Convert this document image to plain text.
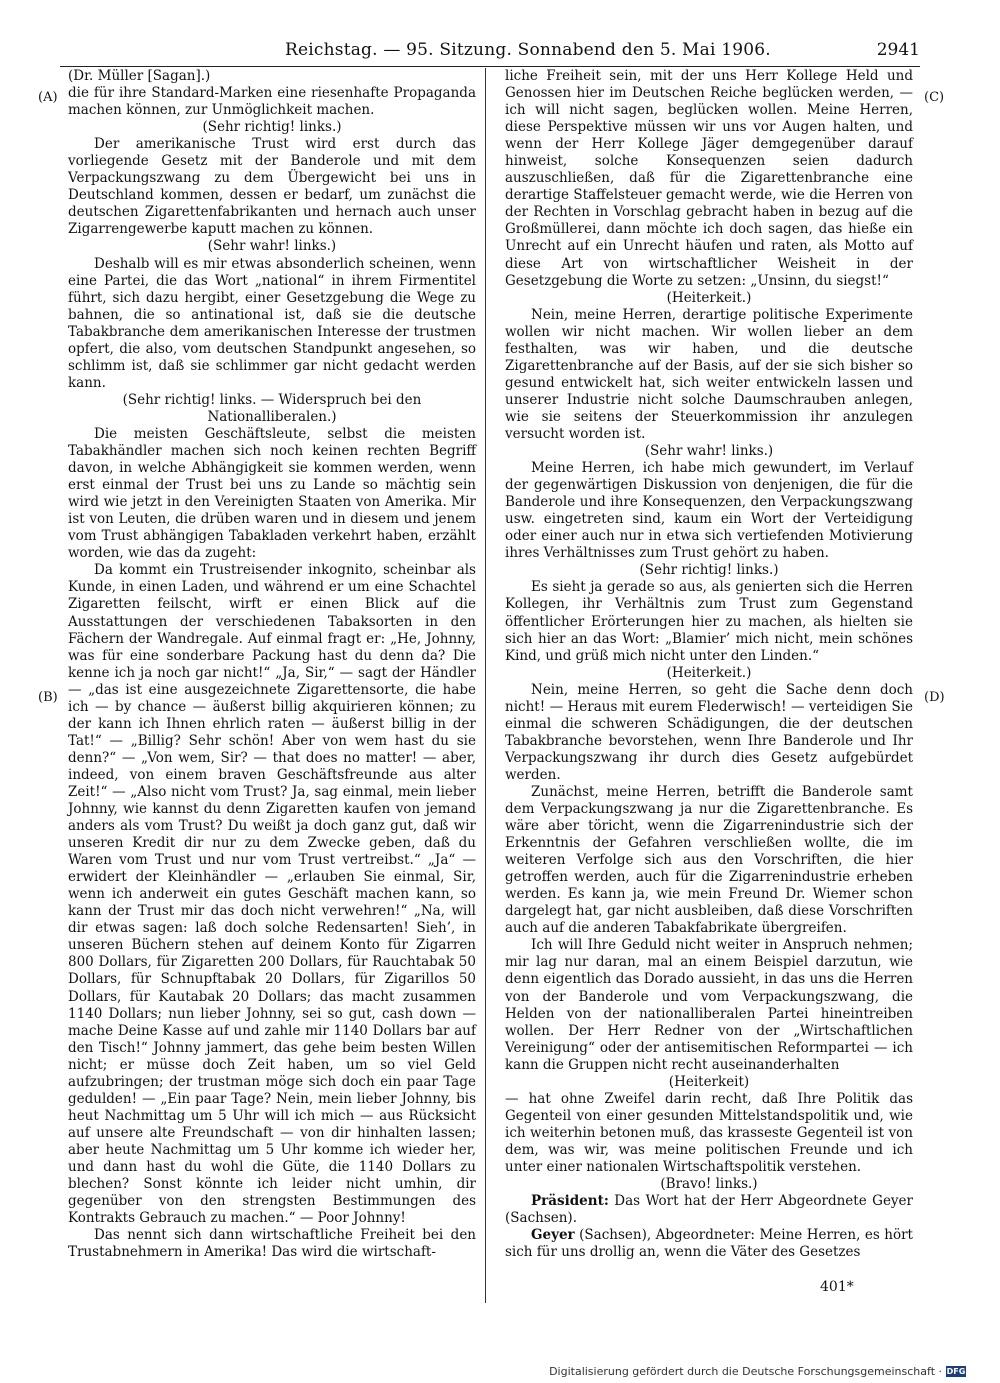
Reichstag. — 95. Sitzung. Sonnabend den 5. Mai 1906.	2941
(A)
(B)
(C)
(D)

(Dr. Müller [Sagan].)

die für ihre Standard-Marken eine riesenhafte Propaganda machen können, zur Unmöglichkeit machen.

(Sehr richtig! links.)

Der amerikanische Trust wird erst durch das vorliegende Gesetz mit der Banderole und mit dem Verpackungszwang zu dem Übergewicht bei uns in Deutschland kommen, dessen er bedarf, um zunächst die deutschen Zigarettenfabrikanten und hernach auch unser Zigarrengewerbe kaputt machen zu können.

(Sehr wahr! links.)

Deshalb will es mir etwas absonderlich scheinen, wenn eine Partei, die das Wort „national“ in ihrem Firmentitel führt, sich dazu hergibt, einer Gesetzgebung die Wege zu bahnen, die so antinational ist, daß sie die deutsche Tabakbranche dem amerikanischen Interesse der trustmen opfert, die also, vom deutschen Standpunkt angesehen, so schlimm ist, daß sie schlimmer gar nicht gedacht werden kann.

(Sehr richtig! links. — Widerspruch bei den Nationalliberalen.)

Die meisten Geschäftsleute, selbst die meisten Tabakhändler machen sich noch keinen rechten Begriff davon, in welche Abhängigkeit sie kommen werden, wenn erst einmal der Trust bei uns zu Lande so mächtig sein wird wie jetzt in den Vereinigten Staaten von Amerika. Mir ist von Leuten, die drüben waren und in diesem und jenem vom Trust abhängigen Tabakladen verkehrt haben, erzählt worden, wie das da zugeht:

Da kommt ein Trustreisender inkognito, scheinbar als Kunde, in einen Laden, und während er um eine Schachtel Zigaretten feilscht, wirft er einen Blick auf die Ausstattungen der verschiedenen Tabaksorten in den Fächern der Wandregale. Auf einmal fragt er: „He, Johnny, was für eine sonderbare Packung hast du denn da? Die kenne ich ja noch gar nicht!“ „Ja, Sir,“ — sagt der Händler — „das ist eine ausgezeichnete Zigarettensorte, die habe ich — by chance — äußerst billig akquirieren können; zu der kann ich Ihnen ehrlich raten — äußerst billig in der Tat!“ — „Billig? Sehr schön! Aber von wem hast du sie denn?“ — „Von wem, Sir? — that does no matter! — aber, indeed, von einem braven Geschäftsfreunde aus alter Zeit!“ — „Also nicht vom Trust? Ja, sag einmal, mein lieber Johnny, wie kannst du denn Zigaretten kaufen von jemand anders als vom Trust? Du weißt ja doch ganz gut, daß wir unseren Kredit dir nur zu dem Zwecke geben, daß du Waren vom Trust und nur vom Trust vertreibst.“ „Ja“ — erwidert der Kleinhändler — „erlauben Sie einmal, Sir, wenn ich anderweit ein gutes Geschäft machen kann, so kann der Trust mir das doch nicht verwehren!“ „Na, will dir etwas sagen: laß doch solche Redensarten! Sieh’, in unseren Büchern stehen auf deinem Konto für Zigarren 800 Dollars, für Zigaretten 200 Dollars, für Rauchtabak 50 Dollars, für Schnupftabak 20 Dollars, für Zigarillos 50 Dollars, für Kautabak 20 Dollars; das macht zusammen 1140 Dollars; nun lieber Johnny, sei so gut, cash down — mache Deine Kasse auf und zahle mir 1140 Dollars bar auf den Tisch!“ Johnny jammert, das gehe beim besten Willen nicht; er müsse doch Zeit haben, um so viel Geld aufzubringen; der trustman möge sich doch ein paar Tage gedulden! — „Ein paar Tage? Nein, mein lieber Johnny, bis heut Nachmittag um 5 Uhr will ich mich — aus Rücksicht auf unsere alte Freundschaft — von dir hinhalten lassen; aber heute Nachmittag um 5 Uhr komme ich wieder her, und dann hast du wohl die Güte, die 1140 Dollars zu blechen? Sonst könnte ich leider nicht umhin, dir gegenüber von den strengsten Bestimmungen des Kontrakts Gebrauch zu machen.“ — Poor Johnny!

Das nennt sich dann wirtschaftliche Freiheit bei den Trustabnehmern in Amerika! Das wird die wirtschaft-

liche Freiheit sein, mit der uns Herr Kollege Held und Genossen hier im Deutschen Reiche beglücken werden, — ich will nicht sagen, beglücken wollen. Meine Herren, diese Perspektive müssen wir uns vor Augen halten, und wenn der Herr Kollege Jäger demgegenüber darauf hinweist, solche Konsequenzen seien dadurch auszuschließen, daß für die Zigarettenbranche eine derartige Staffelsteuer gemacht werde, wie die Herren von der Rechten in Vorschlag gebracht haben in bezug auf die Großmüllerei, dann möchte ich doch sagen, das hieße ein Unrecht auf ein Unrecht häufen und raten, als Motto auf diese Art von wirtschaftlicher Weisheit in der Gesetzgebung die Worte zu setzen: „Unsinn, du siegst!“

(Heiterkeit.)

Nein, meine Herren, derartige politische Experimente wollen wir nicht machen. Wir wollen lieber an dem festhalten, was wir haben, und die deutsche Zigarettenbranche auf der Basis, auf der sie sich bisher so gesund entwickelt hat, sich weiter entwickeln lassen und unserer Industrie nicht solche Daumschrauben anlegen, wie sie seitens der Steuerkommission ihr anzulegen versucht worden ist.

(Sehr wahr! links.)

Meine Herren, ich habe mich gewundert, im Verlauf der gegenwärtigen Diskussion von denjenigen, die für die Banderole und ihre Konsequenzen, den Verpackungszwang usw. eingetreten sind, kaum ein Wort der Verteidigung oder einer auch nur in etwa sich vertiefenden Motivierung ihres Verhältnisses zum Trust gehört zu haben.

(Sehr richtig! links.)

Es sieht ja gerade so aus, als genierten sich die Herren Kollegen, ihr Verhältnis zum Trust zum Gegenstand öffentlicher Erörterungen hier zu machen, als hielten sie sich hier an das Wort: „Blamier’ mich nicht, mein schönes Kind, und grüß mich nicht unter den Linden.“

(Heiterkeit.)

Nein, meine Herren, so geht die Sache denn doch nicht! — Heraus mit eurem Flederwisch! — verteidigen Sie einmal die schweren Schädigungen, die der deutschen Tabakbranche bevorstehen, wenn Ihre Banderole und Ihr Verpackungszwang ihr durch dies Gesetz aufgebürdet werden.

Zunächst, meine Herren, betrifft die Banderole samt dem Verpackungszwang ja nur die Zigarettenbranche. Es wäre aber töricht, wenn die Zigarrenindustrie sich der Erkenntnis der Gefahren verschließen wollte, die im weiteren Verfolge sich aus den Vorschriften, die hier getroffen werden, auch für die Zigarrenindustrie erheben werden. Es kann ja, wie mein Freund Dr. Wiemer schon dargelegt hat, gar nicht ausbleiben, daß diese Vorschriften auch auf die anderen Tabakfabrikate übergreifen.

Ich will Ihre Geduld nicht weiter in Anspruch nehmen; mir lag nur daran, mal an einem Beispiel darzutun, wie denn eigentlich das Dorado aussieht, in das uns die Herren von der Banderole und vom Verpackungszwang, die Helden von der nationalliberalen Partei hineintreiben wollen. Der Herr Redner von der „Wirtschaftlichen Vereinigung“ oder der antisemitischen Reformpartei — ich kann die Gruppen nicht recht auseinanderhalten

(Heiterkeit)

— hat ohne Zweifel darin recht, daß Ihre Politik das Gegenteil von einer gesunden Mittelstandspolitik und, wie ich weiterhin betonen muß, das krasseste Gegenteil ist von dem, was wir, was meine politischen Freunde und ich unter einer nationalen Wirtschaftspolitik verstehen.

(Bravo! links.)

Präsident: Das Wort hat der Herr Abgeordnete Geyer (Sachsen).

Geyer (Sachsen), Abgeordneter: Meine Herren, es hört sich für uns drollig an, wenn die Väter des Gesetzes

401*
Digitalisierung gefördert durch die Deutsche Forschungsgemeinschaft · DFG
